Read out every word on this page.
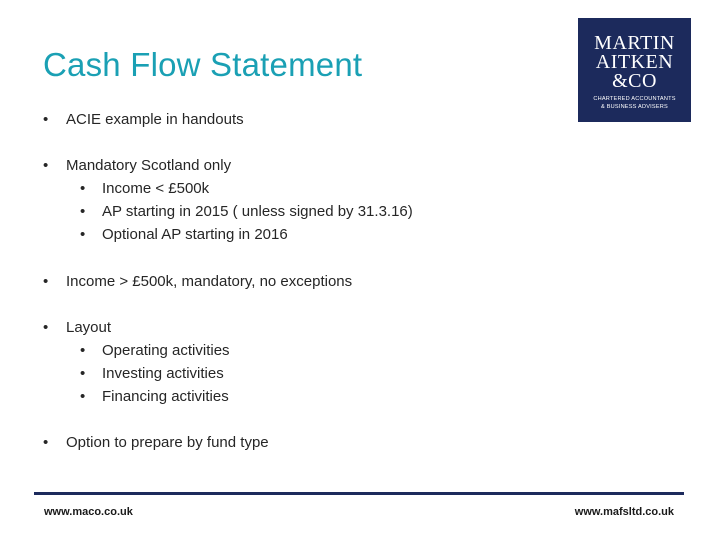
Cash Flow Statement
MARTIN
AITKEN
&CO
CHARTERED ACCOUNTANTS
& BUSINESS ADVISERS
• ACIE example in handouts
• Mandatory Scotland only
• Income < £500k
• AP starting in 2015 ( unless signed by 31.3.16)
• Optional AP starting in 2016
• Income > £500k, mandatory, no exceptions
• Layout
• Operating activities
• Investing activities
• Financing activities
• Option to prepare by fund type
www.maco.co.uk	www.mafsltd.co.uk
